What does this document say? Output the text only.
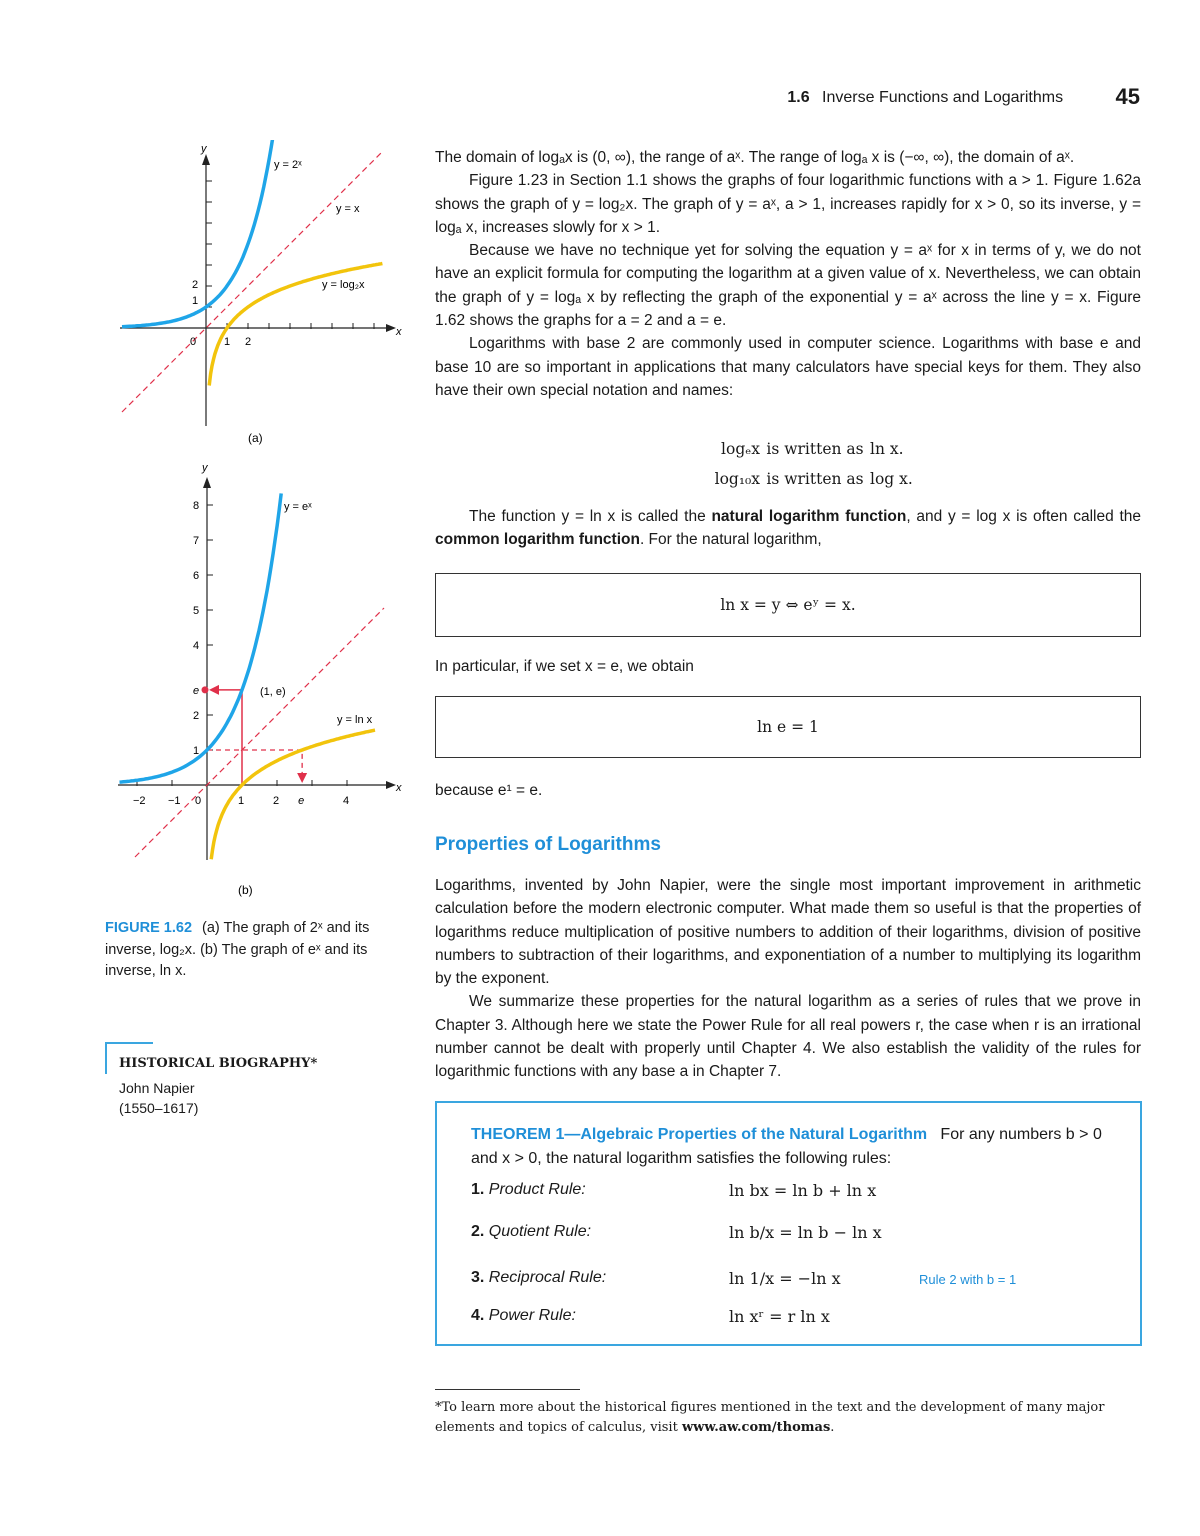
1.6 Inverse Functions and Logarithms 45
y
x
y = 2ˣ
y = x
y = log₂x
0	1 2
1
2
(a)
y
x
y = eˣ
y = ln x
(1, e)
−2 −1 0	1	2 e	4
1
2
e
4
5
6
7
8
(b)
FIGURE 1.62 (a) The graph of 2ˣ and its inverse, log₂x. (b) The graph of eˣ and its inverse, ln x.
HISTORICAL BIOGRAPHY*
John Napier
(1550–1617)

The domain of logₐx is (0, ∞), the range of aˣ. The range of logₐ x is (−∞, ∞), the domain of aˣ.

Figure 1.23 in Section 1.1 shows the graphs of four logarithmic functions with a > 1. Figure 1.62a shows the graph of y = log₂x. The graph of y = aˣ, a > 1, increases rapidly for x > 0, so its inverse, y = logₐ x, increases slowly for x > 1.

Because we have no technique yet for solving the equation y = aˣ for x in terms of y, we do not have an explicit formula for computing the logarithm at a given value of x. Nevertheless, we can obtain the graph of y = logₐ x by reflecting the graph of the exponential y = aˣ across the line y = x. Figure 1.62 shows the graphs for a = 2 and a = e.

Logarithms with base 2 are commonly used in computer science. Logarithms with base e and base 10 are so important in applications that many calculators have special keys for them. They also have their own special notation and names:

logₑx is written as ln x.
log₁₀x is written as log x.

The function y = ln x is called the natural logarithm function, and y = log x is often called the common logarithm function. For the natural logarithm,

ln x = y ⇔ eʸ = x.
In particular, if we set x = e, we obtain
ln e = 1
because e¹ = e.
Properties of Logarithms

Logarithms, invented by John Napier, were the single most important improvement in arithmetic calculation before the modern electronic computer. What made them so useful is that the properties of logarithms reduce multiplication of positive numbers to addition of their logarithms, division of positive numbers to subtraction of their logarithms, and exponentiation of a number to multiplying its logarithm by the exponent.

We summarize these properties for the natural logarithm as a series of rules that we prove in Chapter 3. Although here we state the Power Rule for all real powers r, the case when r is an irrational number cannot be dealt with properly until Chapter 4. We also establish the validity of the rules for logarithmic functions with any base a in Chapter 7.

THEOREM 1—Algebraic Properties of the Natural Logarithm For any numbers b > 0 and x > 0, the natural logarithm satisfies the following rules:
1. Product Rule:	ln bx = ln b + ln x
2. Quotient Rule:	ln b/x = ln b − ln x
3. Reciprocal Rule:	ln 1/x = −ln x	Rule 2 with b = 1
4. Power Rule:	ln xʳ = r ln x
*To learn more about the historical figures mentioned in the text and the development of many major elements and topics of calculus, visit www.aw.com/thomas.
